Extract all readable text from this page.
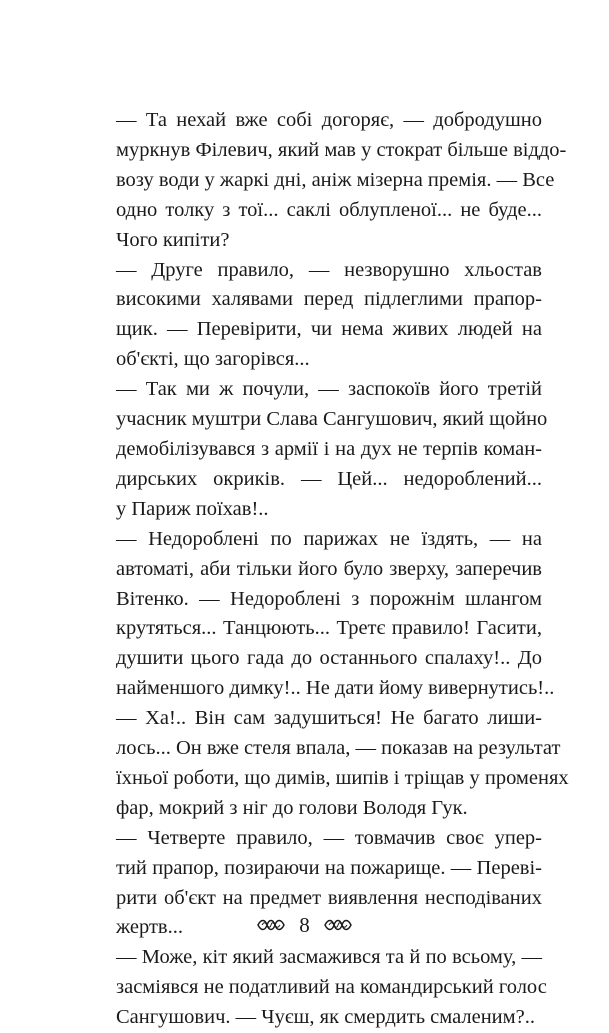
— Та нехай вже собі догоряє, — добродушно
муркнув Філевич, який мав у стократ більше віддо-
возу води у жаркі дні, аніж мізерна премія. — Все
одно толку з тої... саклі облупленої... не буде...
Чого кипіти?
— Друге правило, — незворушно хльостав
високими халявами перед підлеглими прапор-
щик. — Перевірити, чи нема живих людей на
об'єкті, що загорівся...
— Так ми ж почули, — заспокоїв його третій
учасник муштри Слава Сангушович, який щойно
демобілізувався з армії і на дух не терпів коман-
дирських окриків. — Цей... недороблений...
у Париж поїхав!..
— Недороблені по парижах не їздять, — на
автоматі, аби тільки його було зверху, заперечив
Вітенко. — Недороблені з порожнім шлангом
крутяться... Танцюють... Третє правило! Гасити,
душити цього гада до останнього спалаху!.. До
найменшого димку!.. Не дати йому вивернутись!..
— Ха!.. Він сам задушиться! Не багато лиши-
лось... Он вже стеля впала, — показав на результат
їхньої роботи, що димів, шипів і тріщав у променях
фар, мокрий з ніг до голови Володя Гук.
— Четверте правило, — товмачив своє упер-
тий прапор, позираючи на пожарище. — Переві-
рити об'єкт на предмет виявлення несподіваних
жертв...
— Може, кіт який засмажився та й по всьому, —
засміявся не податливий на командирський голос
Сангушович. — Чуєш, як смердить смаленим?..
8
